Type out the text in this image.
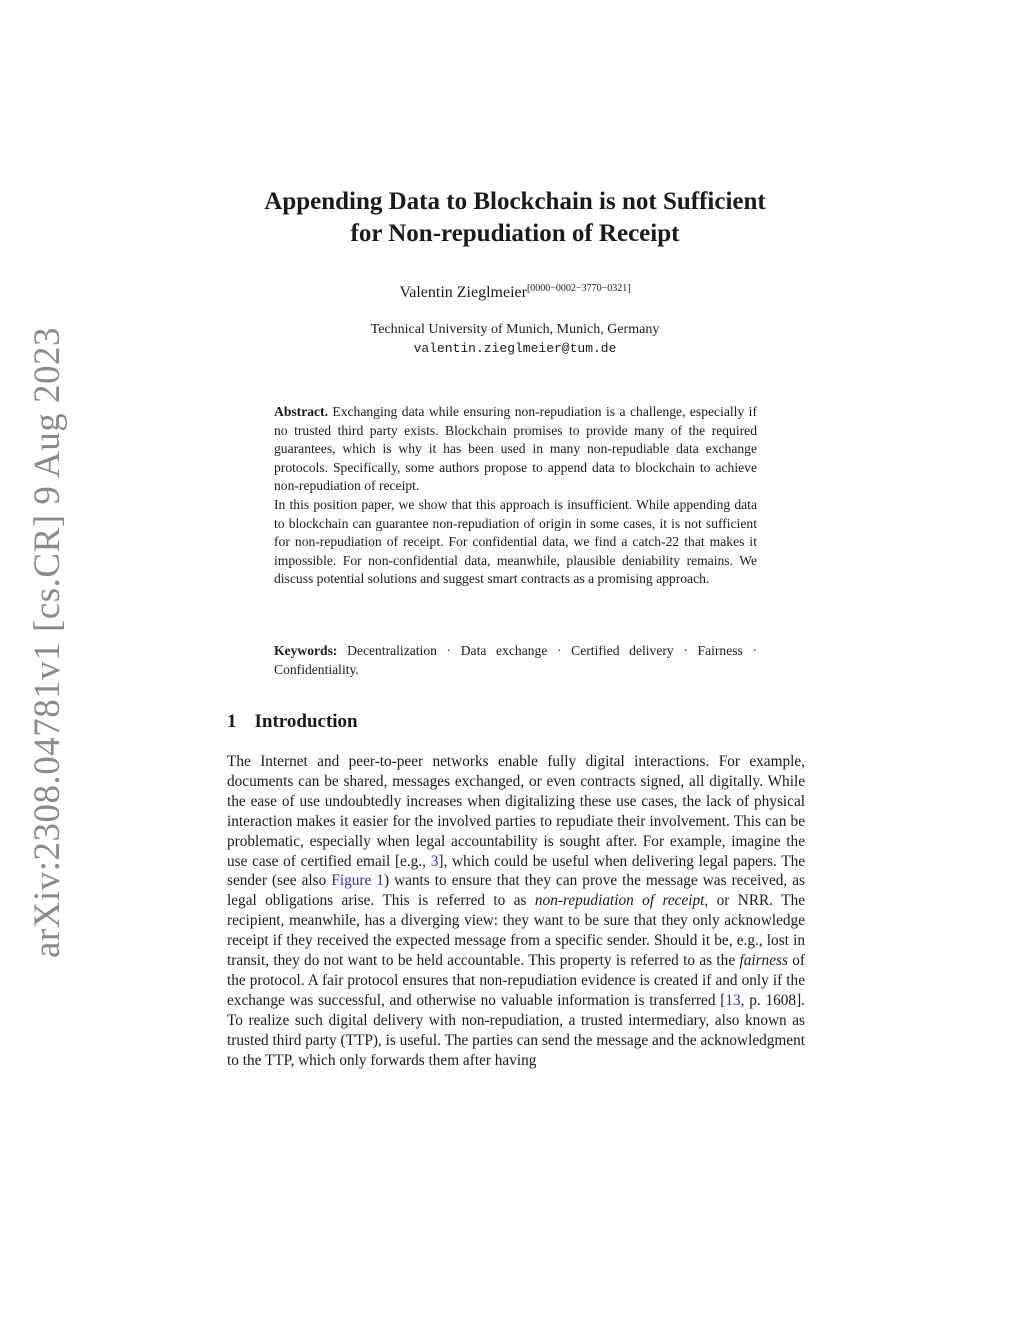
arXiv:2308.04781v1 [cs.CR] 9 Aug 2023
Appending Data to Blockchain is not Sufficient
for Non-repudiation of Receipt
Valentin Zieglmeier[0000−0002−3770−0321]
Technical University of Munich, Munich, Germany
valentin.zieglmeier@tum.de

Abstract. Exchanging data while ensuring non-repudiation is a challenge, especially if no trusted third party exists. Blockchain promises to provide many of the required guarantees, which is why it has been used in many non-repudiable data exchange protocols. Specifically, some authors propose to append data to blockchain to achieve non-repudiation of receipt.

In this position paper, we show that this approach is insufficient. While appending data to blockchain can guarantee non-repudiation of origin in some cases, it is not sufficient for non-repudiation of receipt. For confidential data, we find a catch-22 that makes it impossible. For non-confidential data, meanwhile, plausible deniability remains. We discuss potential solutions and suggest smart contracts as a promising approach.

Keywords: Decentralization · Data exchange · Certified delivery · Fairness · Confidentiality.
1 Introduction

The Internet and peer-to-peer networks enable fully digital interactions. For example, documents can be shared, messages exchanged, or even contracts signed, all digitally. While the ease of use undoubtedly increases when digitalizing these use cases, the lack of physical interaction makes it easier for the involved parties to repudiate their involvement. This can be problematic, especially when legal accountability is sought after. For example, imagine the use case of certified email [e.g., 3], which could be useful when delivering legal papers. The sender (see also Figure 1) wants to ensure that they can prove the message was received, as legal obligations arise. This is referred to as non-repudiation of receipt, or NRR. The recipient, meanwhile, has a diverging view: they want to be sure that they only acknowledge receipt if they received the expected message from a specific sender. Should it be, e.g., lost in transit, they do not want to be held accountable. This property is referred to as the fairness of the protocol. A fair protocol ensures that non-repudiation evidence is created if and only if the exchange was successful, and otherwise no valuable information is transferred [13, p. 1608]. To realize such digital delivery with non-repudiation, a trusted intermediary, also known as trusted third party (TTP), is useful. The parties can send the message and the acknowledgment to the TTP, which only forwards them after having
